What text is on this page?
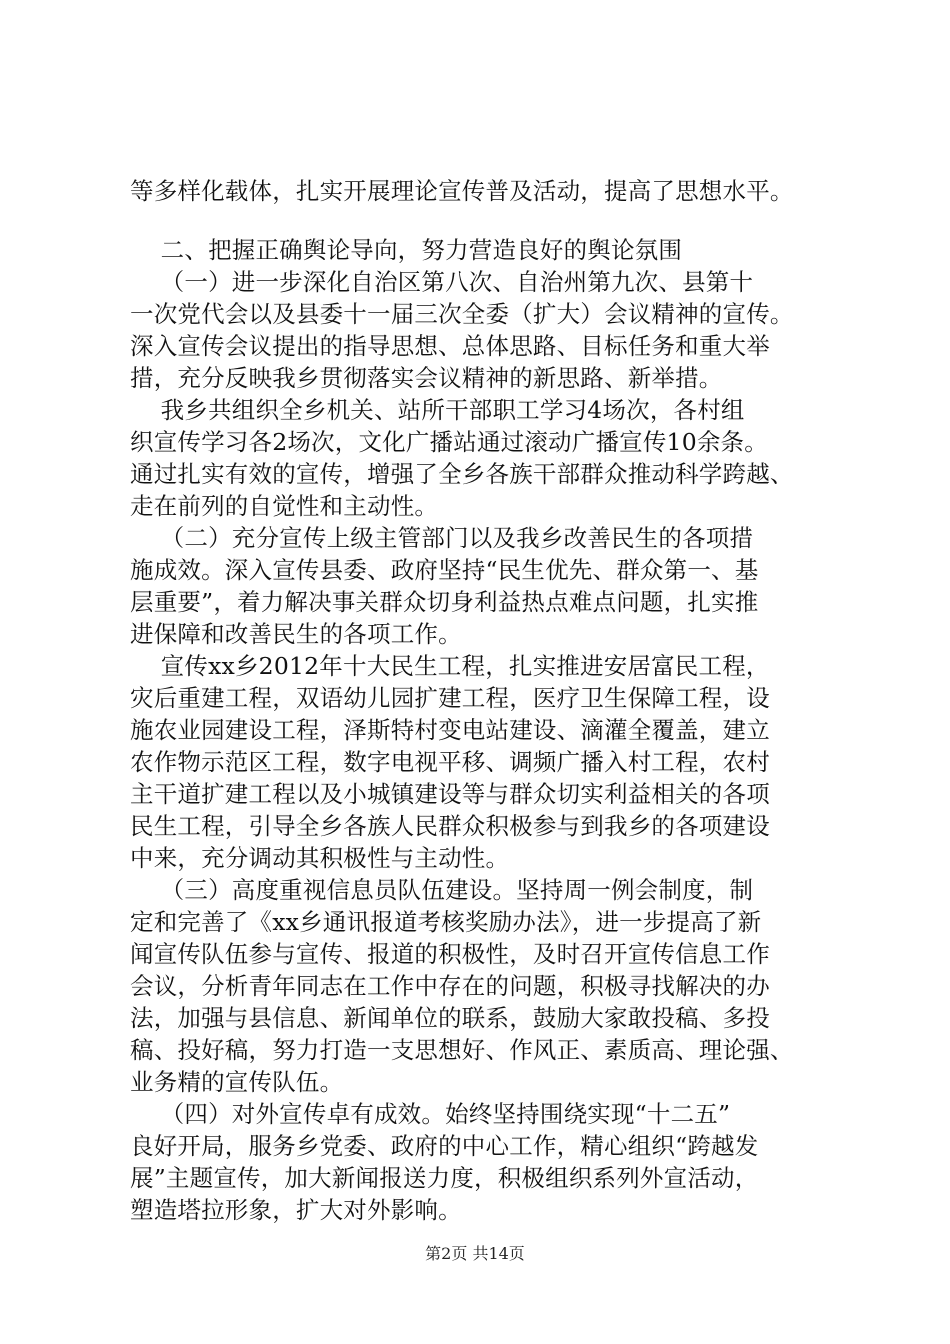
等多样化载体，扎实开展理论宣传普及活动，提高了思想水平。
二、把握正确舆论导向，努力营造良好的舆论氛围
（一）进一步深化自治区第八次、自治州第九次、县第十
一次党代会以及县委十一届三次全委（扩大）会议精神的宣传。
深入宣传会议提出的指导思想、总体思路、目标任务和重大举
措，充分反映我乡贯彻落实会议精神的新思路、新举措。
我乡共组织全乡机关、站所干部职工学习4场次，各村组
织宣传学习各2场次，文化广播站通过滚动广播宣传10余条。
通过扎实有效的宣传，增强了全乡各族干部群众推动科学跨越、
走在前列的自觉性和主动性。
（二）充分宣传上级主管部门以及我乡改善民生的各项措
施成效。深入宣传县委、政府坚持“民生优先、群众第一、基
层重要”，着力解决事关群众切身利益热点难点问题，扎实推
进保障和改善民生的各项工作。
宣传xx乡2012年十大民生工程，扎实推进安居富民工程，
灾后重建工程，双语幼儿园扩建工程，医疗卫生保障工程，设
施农业园建设工程，泽斯特村变电站建设、滴灌全覆盖，建立
农作物示范区工程，数字电视平移、调频广播入村工程，农村
主干道扩建工程以及小城镇建设等与群众切实利益相关的各项
民生工程，引导全乡各族人民群众积极参与到我乡的各项建设
中来，充分调动其积极性与主动性。
（三）高度重视信息员队伍建设。坚持周一例会制度，制
定和完善了《xx乡通讯报道考核奖励办法》，进一步提高了新
闻宣传队伍参与宣传、报道的积极性，及时召开宣传信息工作
会议，分析青年同志在工作中存在的问题，积极寻找解决的办
法，加强与县信息、新闻单位的联系，鼓励大家敢投稿、多投
稿、投好稿，努力打造一支思想好、作风正、素质高、理论强、
业务精的宣传队伍。
（四）对外宣传卓有成效。始终坚持围绕实现“十二五”
良好开局，服务乡党委、政府的中心工作，精心组织“跨越发
展”主题宣传，加大新闻报送力度，积极组织系列外宣活动，
塑造塔拉形象，扩大对外影响。
第2页 共14页
